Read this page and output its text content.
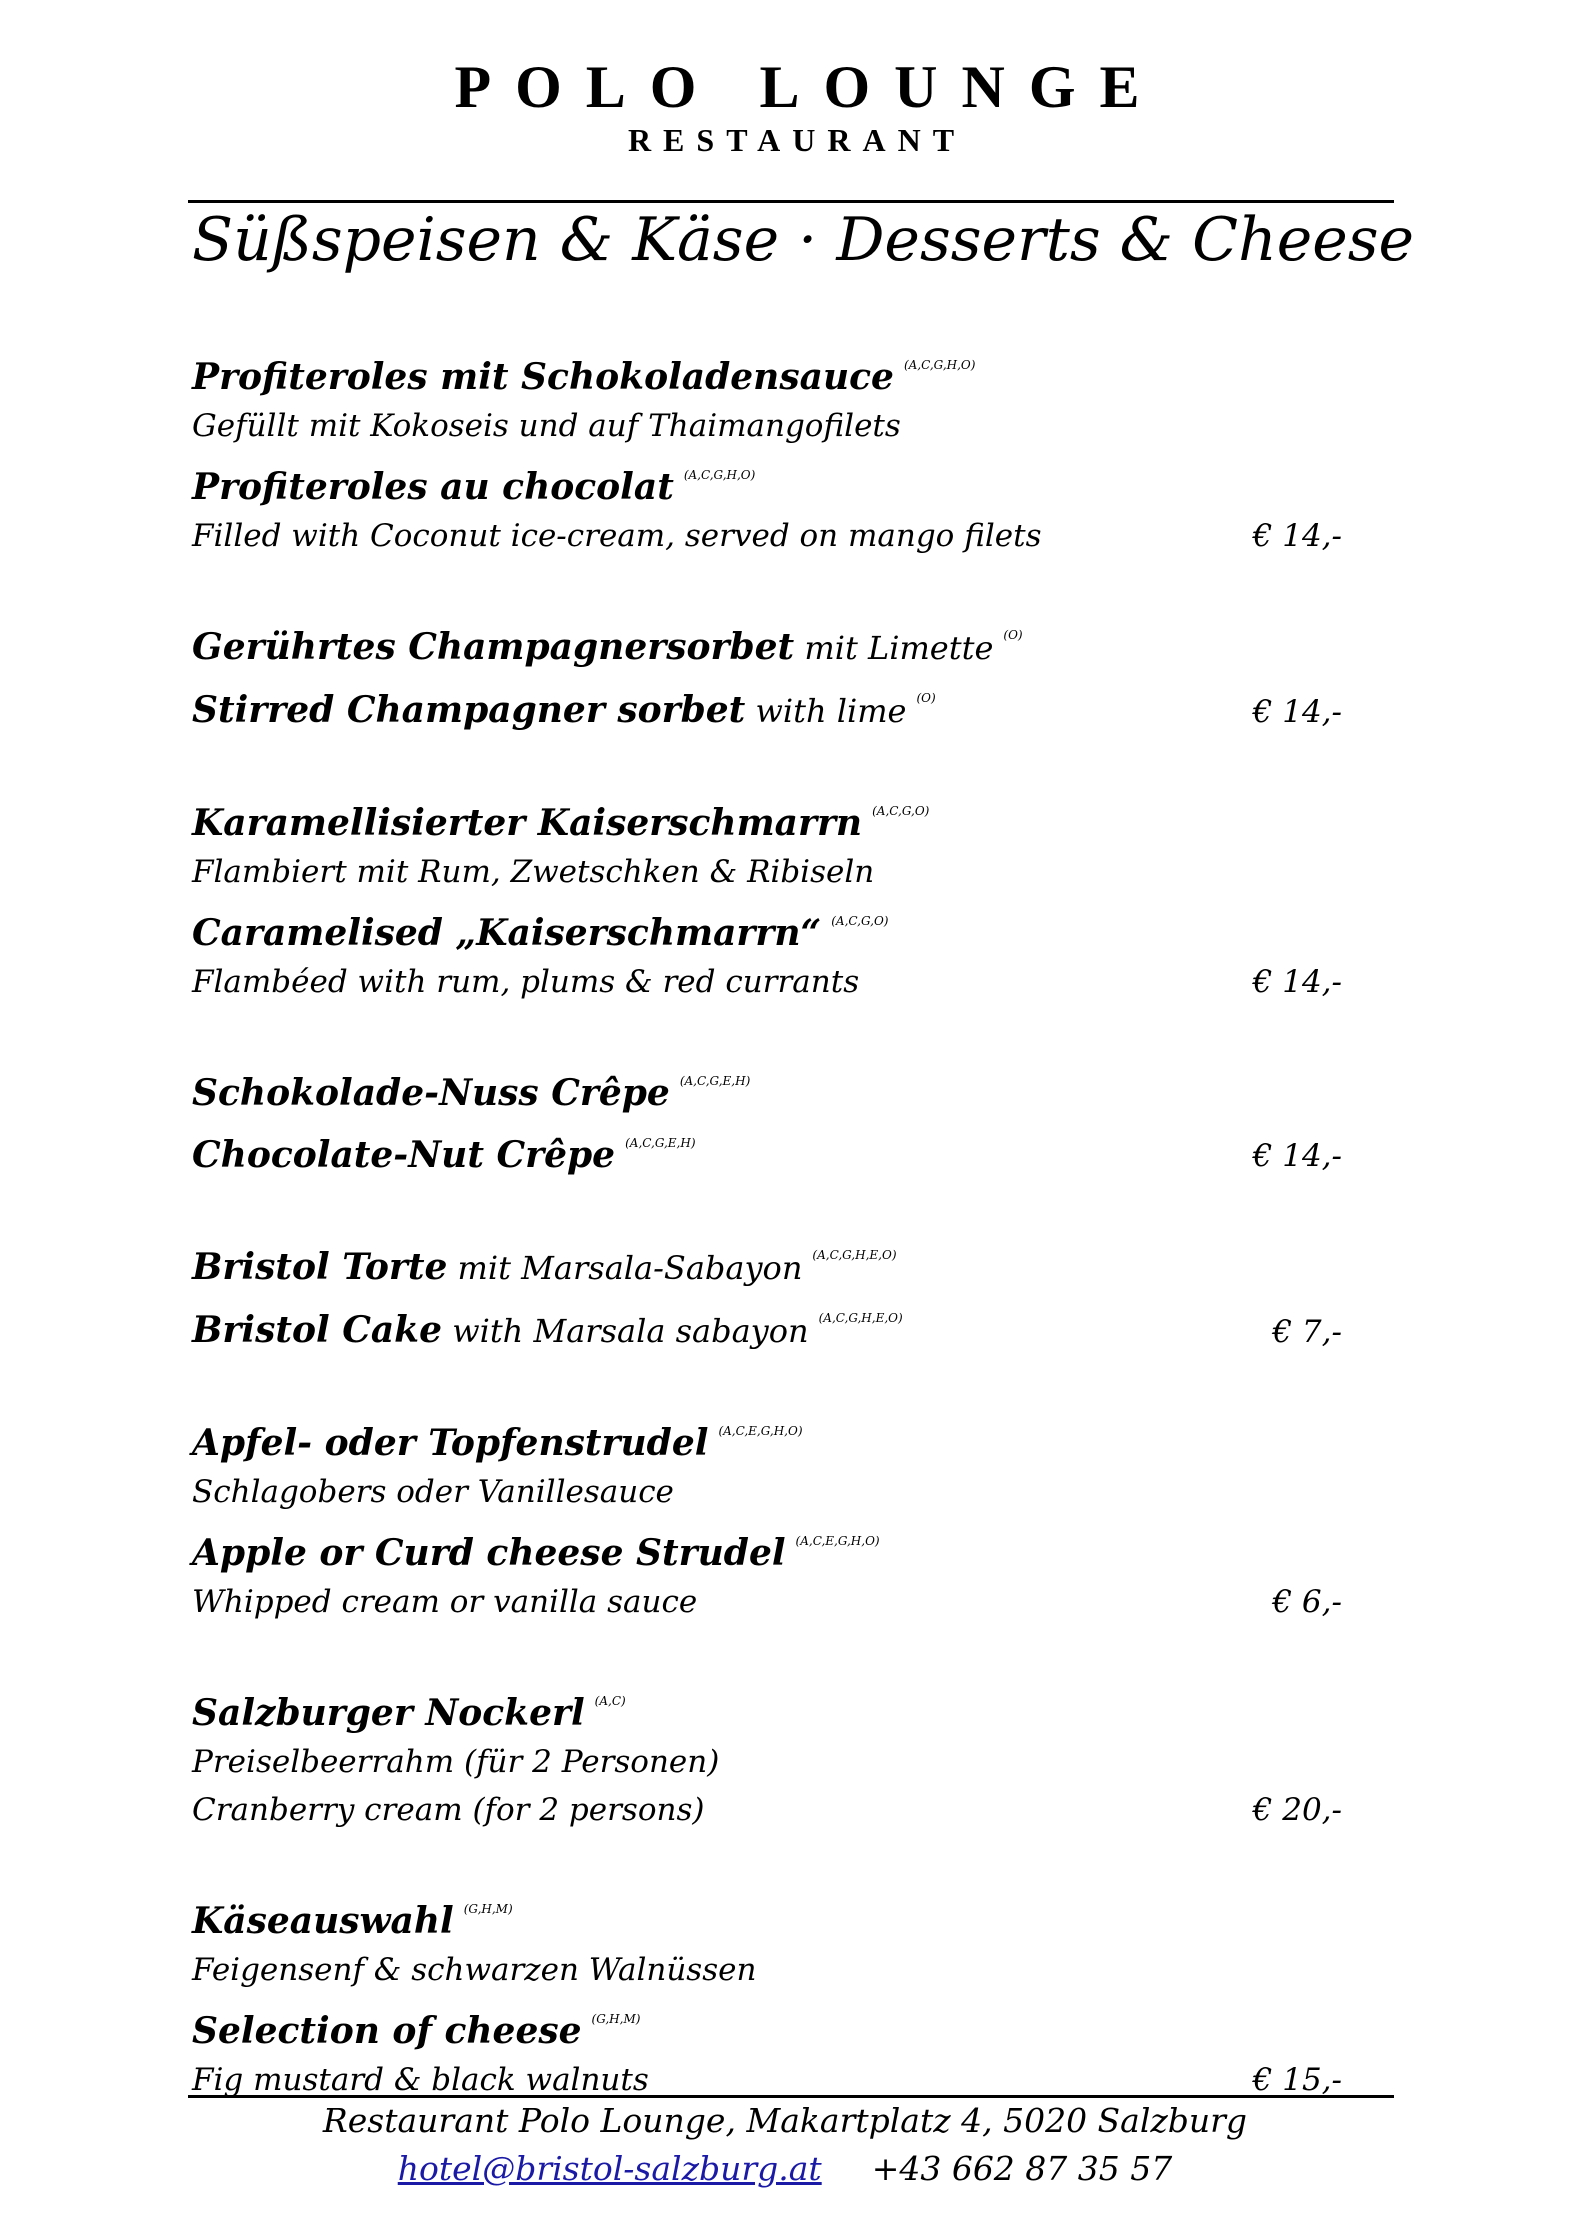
POLO LOUNGE
RESTAURANT
Süßspeisen & Käse · Desserts & Cheese
Profiteroles mit Schokoladensauce $^{(A,C,G,H,O)}$
Gefüllt mit Kokoseis und auf Thaimangofilets
Profiteroles au chocolat $^{(A,C,G,H,O)}$
Filled with Coconut ice-cream, served on mango filets	€ 14,-
Gerührtes Champagnersorbet mit Limette $^{(O)}$
Stirred Champagner sorbet with lime $^{(O)}$	€ 14,-
Karamellisierter Kaiserschmarrn $^{(A,C,G,O)}$
Flambiert mit Rum, Zwetschken & Ribiseln
Caramelised „Kaiserschmarrn“ $^{(A,C,G,O)}$
Flambéed with rum, plums & red currants	€ 14,-
Schokolade-Nuss Crêpe $^{(A,C,G,E,H)}$
Chocolate-Nut Crêpe $^{(A,C,G,E,H)}$	€ 14,-
Bristol Torte mit Marsala-Sabayon $^{(A,C,G,H,E,O)}$
Bristol Cake with Marsala sabayon $^{(A,C,G,H,E,O)}$	€ 7,-
Apfel- oder Topfenstrudel $^{(A,C,E,G,H,O)}$
Schlagobers oder Vanillesauce
Apple or Curd cheese Strudel $^{(A,C,E,G,H,O)}$
Whipped cream or vanilla sauce	€ 6,-
Salzburger Nockerl $^{(A,C)}$
Preiselbeerrahm (für 2 Personen)
Cranberry cream (for 2 persons)	€ 20,-
Käseauswahl $^{(G,H,M)}$
Feigensenf & schwarzen Walnüssen
Selection of cheese $^{(G,H,M)}$
Fig mustard & black walnuts	€ 15,-
Restaurant Polo Lounge, Makartplatz 4, 5020 Salzburg
hotel@bristol-salzburg.at +43 662 87 35 57
